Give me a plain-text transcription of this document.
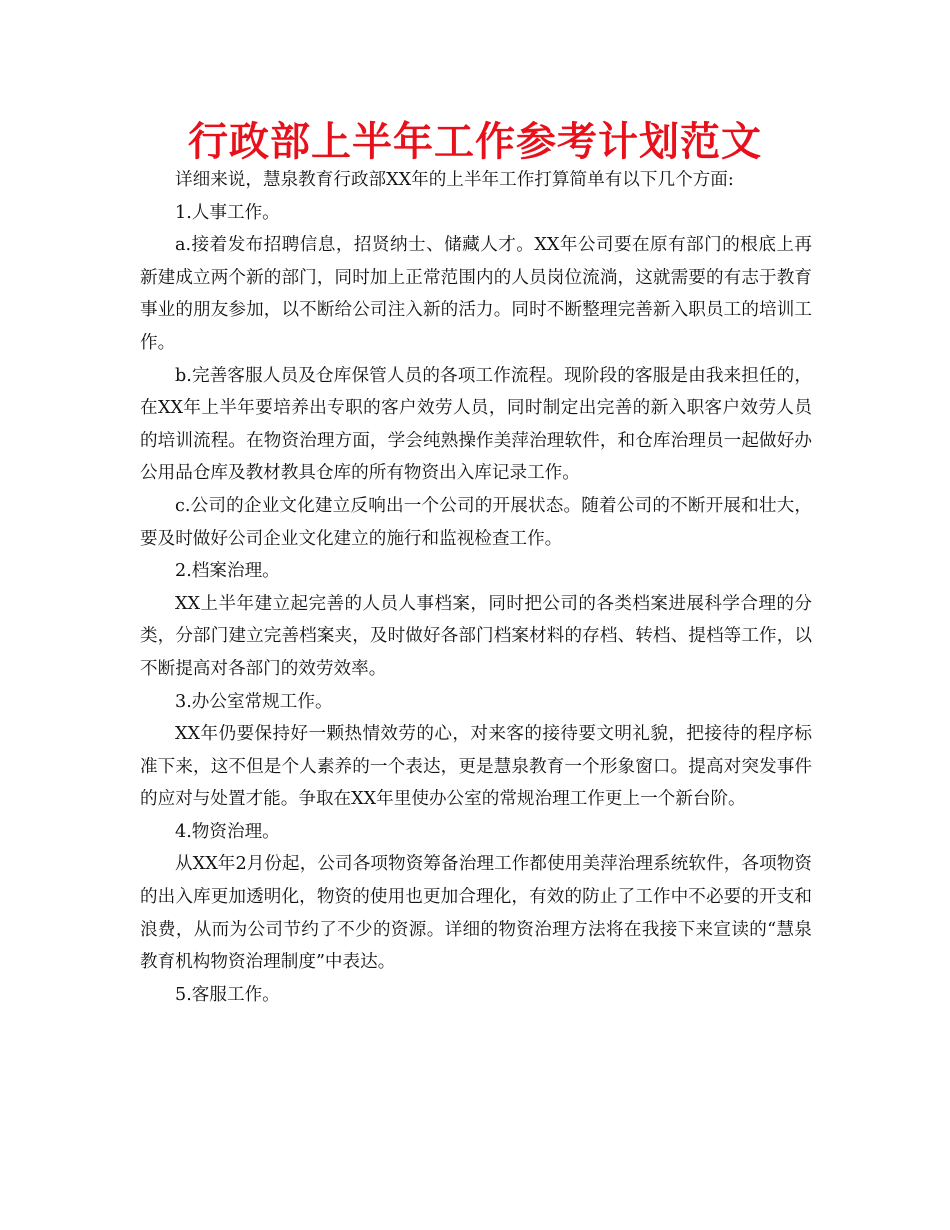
行政部上半年工作参考计划范文

详细来说，慧泉教育行政部XX年的上半年工作打算简单有以下几个方面:

1.人事工作。

a.接着发布招聘信息，招贤纳士、储藏人才。XX年公司要在原有部门的根底上再新建成立两个新的部门，同时加上正常范围内的人员岗位流淌，这就需要的有志于教育事业的朋友参加，以不断给公司注入新的活力。同时不断整理完善新入职员工的培训工作。

b.完善客服人员及仓库保管人员的各项工作流程。现阶段的客服是由我来担任的，在XX年上半年要培养出专职的客户效劳人员，同时制定出完善的新入职客户效劳人员的培训流程。在物资治理方面，学会纯熟操作美萍治理软件，和仓库治理员一起做好办公用品仓库及教材教具仓库的所有物资出入库记录工作。

c.公司的企业文化建立反响出一个公司的开展状态。随着公司的不断开展和壮大，要及时做好公司企业文化建立的施行和监视检查工作。

2.档案治理。

XX上半年建立起完善的人员人事档案，同时把公司的各类档案进展科学合理的分类，分部门建立完善档案夹，及时做好各部门档案材料的存档、转档、提档等工作，以不断提高对各部门的效劳效率。

3.办公室常规工作。

XX年仍要保持好一颗热情效劳的心，对来客的接待要文明礼貌，把接待的程序标准下来，这不但是个人素养的一个表达，更是慧泉教育一个形象窗口。提高对突发事件的应对与处置才能。争取在XX年里使办公室的常规治理工作更上一个新台阶。

4.物资治理。

从XX年2月份起，公司各项物资筹备治理工作都使用美萍治理系统软件，各项物资的出入库更加透明化，物资的使用也更加合理化，有效的防止了工作中不必要的开支和浪费，从而为公司节约了不少的资源。详细的物资治理方法将在我接下来宣读的“慧泉教育机构物资治理制度”中表达。

5.客服工作。
